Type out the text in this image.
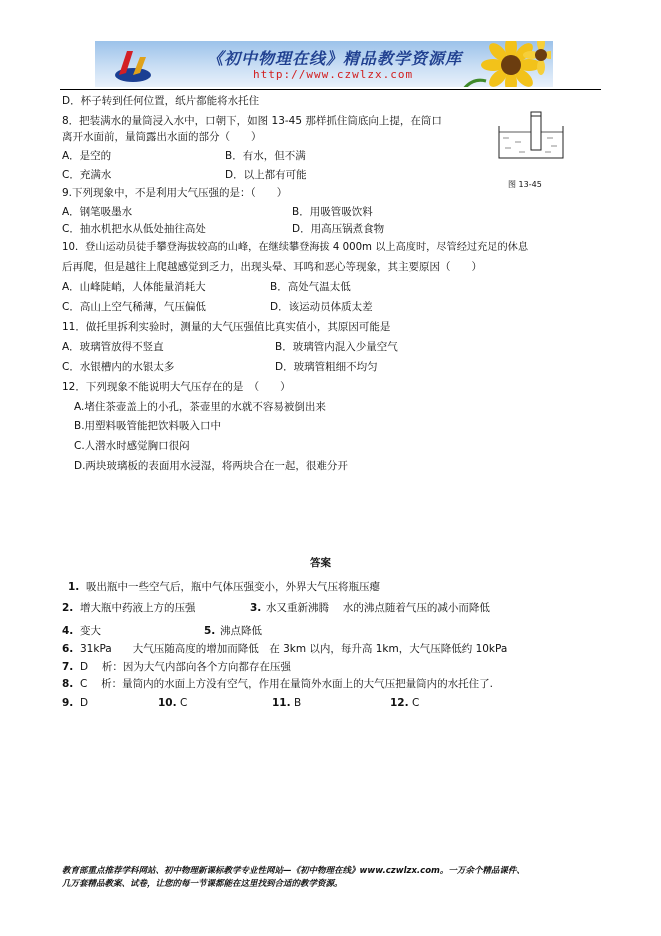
《初中物理在线》精品教学资源库
http://www.czwlzx.com
D．杯子转到任何位置，纸片都能将水托住
8．把装满水的量筒浸入水中，口朝下，如图 13-45 那样抓住筒底向上提，在筒口
离开水面前，量筒露出水面的部分（　　）
A．是空的	B．有水，但不满
C．充满水	D．以上都有可能
图 13-45
9.下列现象中，不是利用大气压强的是：（　　）
A．钢笔吸墨水	B．用吸管吸饮料
C．抽水机把水从低处抽往高处	D．用高压锅煮食物
10．登山运动员徒手攀登海拔较高的山峰，在继续攀登海拔 4 000m 以上高度时，尽管经过充足的休息
后再爬，但是越往上爬越感觉到乏力，出现头晕、耳鸣和恶心等现象，其主要原因（　　）
A．山峰陡峭，人体能量消耗大	B．高处气温太低
C．高山上空气稀薄，气压偏低	D．该运动员体质太差
11．做托里拆利实验时，测量的大气压强值比真实值小，其原因可能是
A．玻璃管放得不竖直	B．玻璃管内混入少量空气
C．水银槽内的水银太多	D．玻璃管粗细不均匀
12．下列现象不能说明大气压存在的是　（　　）
A.堵住茶壶盖上的小孔，茶壶里的水就不容易被倒出来
B.用塑料吸管能把饮料吸入口中
C.人潜水时感觉胸口很闷
D.两块玻璃板的表面用水浸湿，将两块合在一起，很难分开
答案
1. 吸出瓶中一些空气后，瓶中气体压强变小，外界大气压将瓶压瘪
2. 增大瓶中药液上方的压强	3. 水又重新沸腾　 水的沸点随着气压的减小而降低
4. 变大	5. 沸点降低
6. 31kPa　　大气压随高度的增加而降低　在 3km 以内，每升高 1km，大气压降低约 10kPa
7. D　 析：因为大气内部向各个方向都存在压强
8. C　 析：量筒内的水面上方没有空气，作用在量筒外水面上的大气压把量筒内的水托住了.
9. D	10. C	11. B	12. C
教育部重点推荐学科网站、初中物理新课标教学专业性网站—《初中物理在线》www.czwlzx.com。一万余个精品课件、
几万套精品教案、试卷，让您的每一节课都能在这里找到合适的教学资源。
